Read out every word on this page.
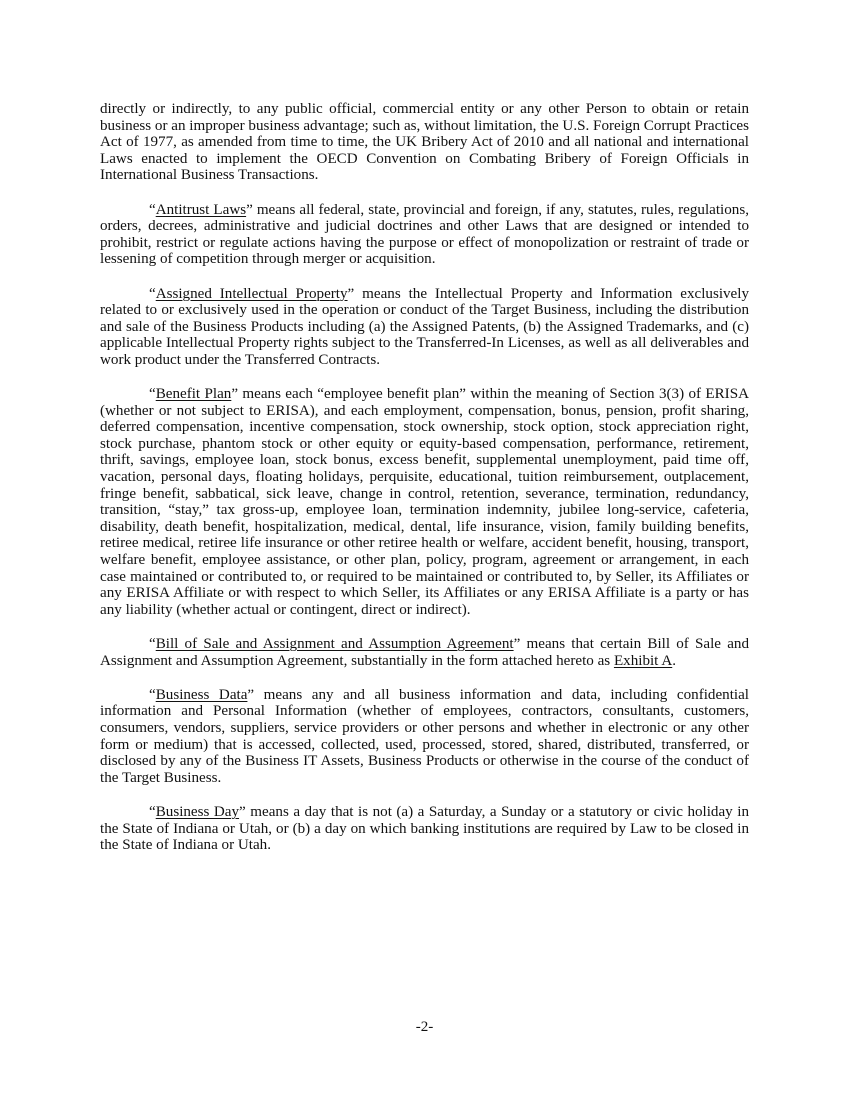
directly or indirectly, to any public official, commercial entity or any other Person to obtain or retain business or an improper business advantage; such as, without limitation, the U.S. Foreign Corrupt Practices Act of 1977, as amended from time to time, the UK Bribery Act of 2010 and all national and international Laws enacted to implement the OECD Convention on Combating Bribery of Foreign Officials in International Business Transactions.

“Antitrust Laws” means all federal, state, provincial and foreign, if any, statutes, rules, regulations, orders, decrees, administrative and judicial doctrines and other Laws that are designed or intended to prohibit, restrict or regulate actions having the purpose or effect of monopolization or restraint of trade or lessening of competition through merger or acquisition.

“Assigned Intellectual Property” means the Intellectual Property and Information exclusively related to or exclusively used in the operation or conduct of the Target Business, including the distribution and sale of the Business Products including (a) the Assigned Patents, (b) the Assigned Trademarks, and (c) applicable Intellectual Property rights subject to the Transferred-In Licenses, as well as all deliverables and work product under the Transferred Contracts.

“Benefit Plan” means each “employee benefit plan” within the meaning of Section 3(3) of ERISA (whether or not subject to ERISA), and each employment, compensation, bonus, pension, profit sharing, deferred compensation, incentive compensation, stock ownership, stock option, stock appreciation right, stock purchase, phantom stock or other equity or equity-based compensation, performance, retirement, thrift, savings, employee loan, stock bonus, excess benefit, supplemental unemployment, paid time off, vacation, personal days, floating holidays, perquisite, educational, tuition reimbursement, outplacement, fringe benefit, sabbatical, sick leave, change in control, retention, severance, termination, redundancy, transition, “stay,” tax gross-up, employee loan, termination indemnity, jubilee long-service, cafeteria, disability, death benefit, hospitalization, medical, dental, life insurance, vision, family building benefits, retiree medical, retiree life insurance or other retiree health or welfare, accident benefit, housing, transport, welfare benefit, employee assistance, or other plan, policy, program, agreement or arrangement, in each case maintained or contributed to, or required to be maintained or contributed to, by Seller, its Affiliates or any ERISA Affiliate or with respect to which Seller, its Affiliates or any ERISA Affiliate is a party or has any liability (whether actual or contingent, direct or indirect).

“Bill of Sale and Assignment and Assumption Agreement” means that certain Bill of Sale and Assignment and Assumption Agreement, substantially in the form attached hereto as Exhibit A.

“Business Data” means any and all business information and data, including confidential information and Personal Information (whether of employees, contractors, consultants, customers, consumers, vendors, suppliers, service providers or other persons and whether in electronic or any other form or medium) that is accessed, collected, used, processed, stored, shared, distributed, transferred, or disclosed by any of the Business IT Assets, Business Products or otherwise in the course of the conduct of the Target Business.

“Business Day” means a day that is not (a) a Saturday, a Sunday or a statutory or civic holiday in the State of Indiana or Utah, or (b) a day on which banking institutions are required by Law to be closed in the State of Indiana or Utah.

-2-
